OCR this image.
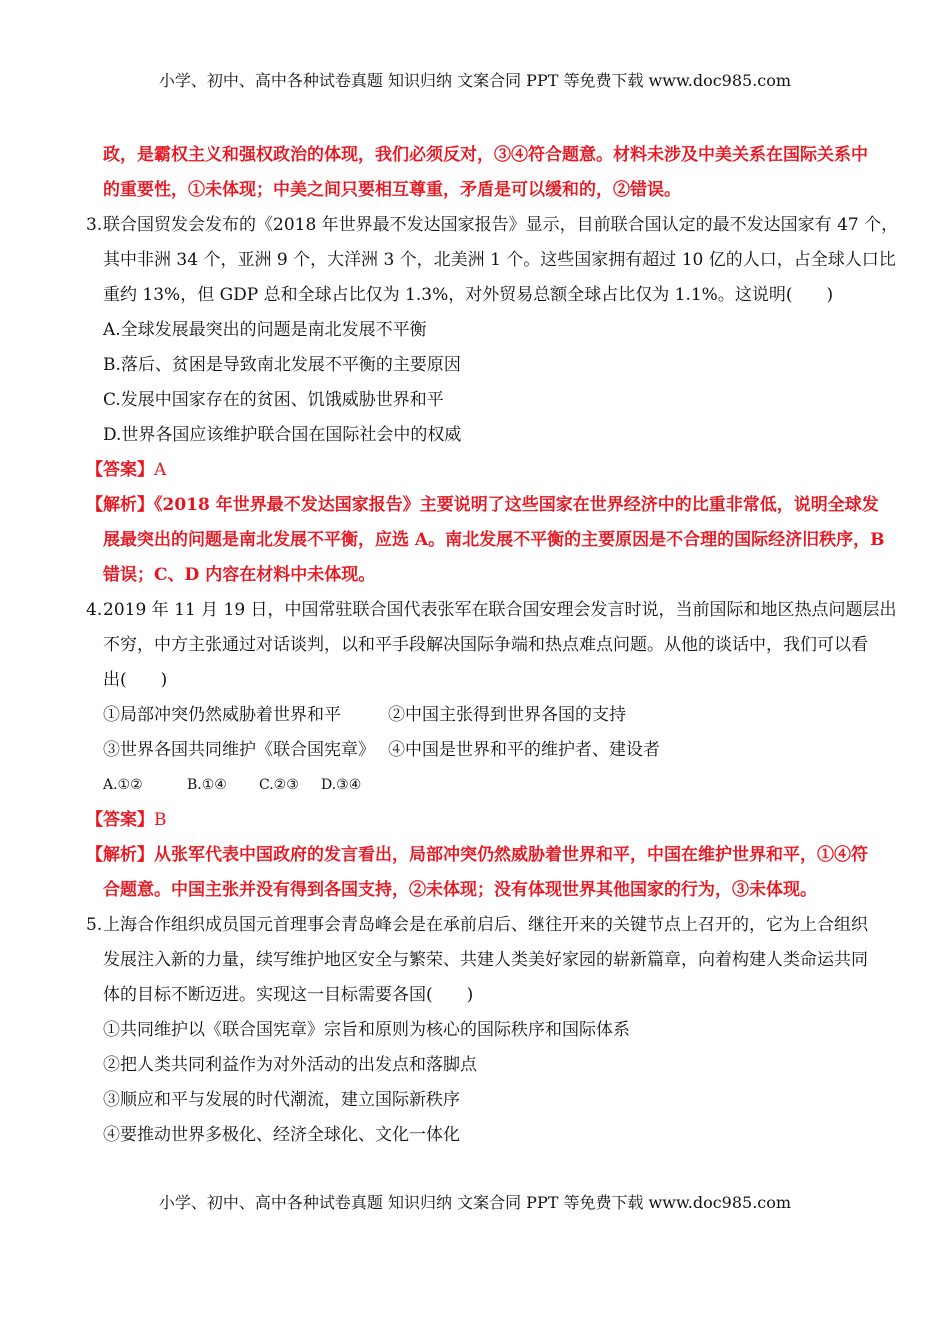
小学、初中、高中各种试卷真题 知识归纳 文案合同 PPT 等免费下载 www.doc985.com
政，是霸权主义和强权政治的体现，我们必须反对，③④符合题意。材料未涉及中美关系在国际关系中
的重要性，①未体现；中美之间只要相互尊重，矛盾是可以缓和的，②错误。
3. 联合国贸发会发布的《2018 年世界最不发达国家报告》显示，目前联合国认定的最不发达国家有 47 个，
其中非洲 34 个，亚洲 9 个，大洋洲 3 个，北美洲 1 个。这些国家拥有超过 10 亿的人口，占全球人口比
重约 13%，但 GDP 总和全球占比仅为 1.3%，对外贸易总额全球占比仅为 1.1%。这说明(　　)
A.全球发展最突出的问题是南北发展不平衡
B.落后、贫困是导致南北发展不平衡的主要原因
C.发展中国家存在的贫困、饥饿威胁世界和平
D.世界各国应该维护联合国在国际社会中的权威
【答案】A
【解析】《2018 年世界最不发达国家报告》主要说明了这些国家在世界经济中的比重非常低，说明全球发
展最突出的问题是南北发展不平衡，应选 A。南北发展不平衡的主要原因是不合理的国际经济旧秩序，B
错误；C、D 内容在材料中未体现。
4. 2019 年 11 月 19 日，中国常驻联合国代表张军在联合国安理会发言时说，当前国际和地区热点问题层出
不穷，中方主张通过对话谈判，以和平手段解决国际争端和热点难点问题。从他的谈话中，我们可以看
出(　　)
①局部冲突仍然威胁着世界和平	②中国主张得到世界各国的支持
③世界各国共同维护《联合国宪章》 ④中国是世界和平的维护者、建设者
A.①②	B.①④ C.②③ D.③④
【答案】B
【解析】从张军代表中国政府的发言看出，局部冲突仍然威胁着世界和平，中国在维护世界和平，①④符
合题意。中国主张并没有得到各国支持，②未体现；没有体现世界其他国家的行为，③未体现。
5. 上海合作组织成员国元首理事会青岛峰会是在承前启后、继往开来的关键节点上召开的，它为上合组织
发展注入新的力量，续写维护地区安全与繁荣、共建人类美好家园的崭新篇章，向着构建人类命运共同
体的目标不断迈进。实现这一目标需要各国(　　)
①共同维护以《联合国宪章》宗旨和原则为核心的国际秩序和国际体系
②把人类共同利益作为对外活动的出发点和落脚点
③顺应和平与发展的时代潮流，建立国际新秩序
④要推动世界多极化、经济全球化、文化一体化
小学、初中、高中各种试卷真题 知识归纳 文案合同 PPT 等免费下载 www.doc985.com
